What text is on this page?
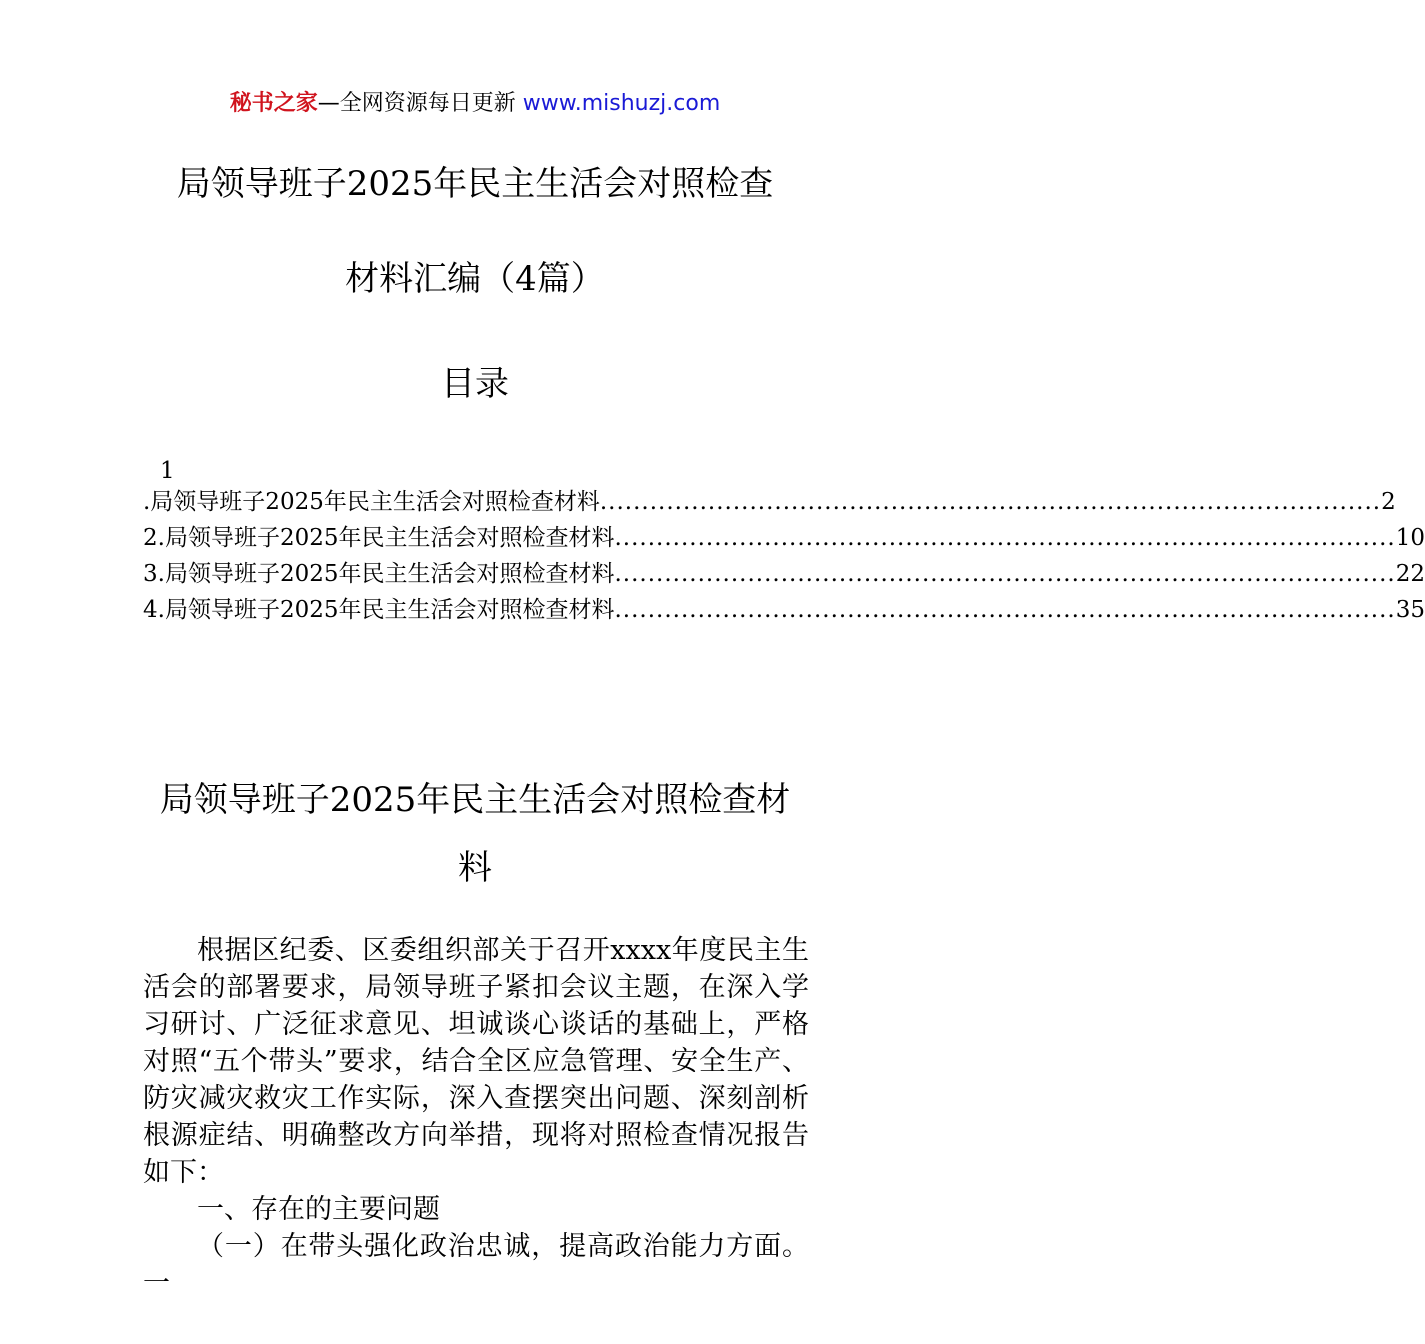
秘书之家—全网资源每日更新 www.mishuzj.com
局领导班子2025年民主生活会对照检查
材料汇编（4篇）
目录
1
.局领导班子2025年民主生活会对照检查材料 .............................................................................................. 2
2.局领导班子2025年民主生活会对照检查材料 .............................................................................................. 10
3.局领导班子2025年民主生活会对照检查材料 .............................................................................................. 22
4.局领导班子2025年民主生活会对照检查材料 .............................................................................................. 35
局领导班子2025年民主生活会对照检查材
料

根据区纪委、区委组织部关于召开xxxx年度民主生活会的部署要求，局领导班子紧扣会议主题，在深入学习研讨、广泛征求意见、坦诚谈心谈话的基础上，严格对照“五个带头”要求，结合全区应急管理、安全生产、防灾减灾救灾工作实际，深入查摆突出问题、深刻剖析根源症结、明确整改方向举措，现将对照检查情况报告如下：

一、存在的主要问题

（一）在带头强化政治忠诚，提高政治能力方面。一
